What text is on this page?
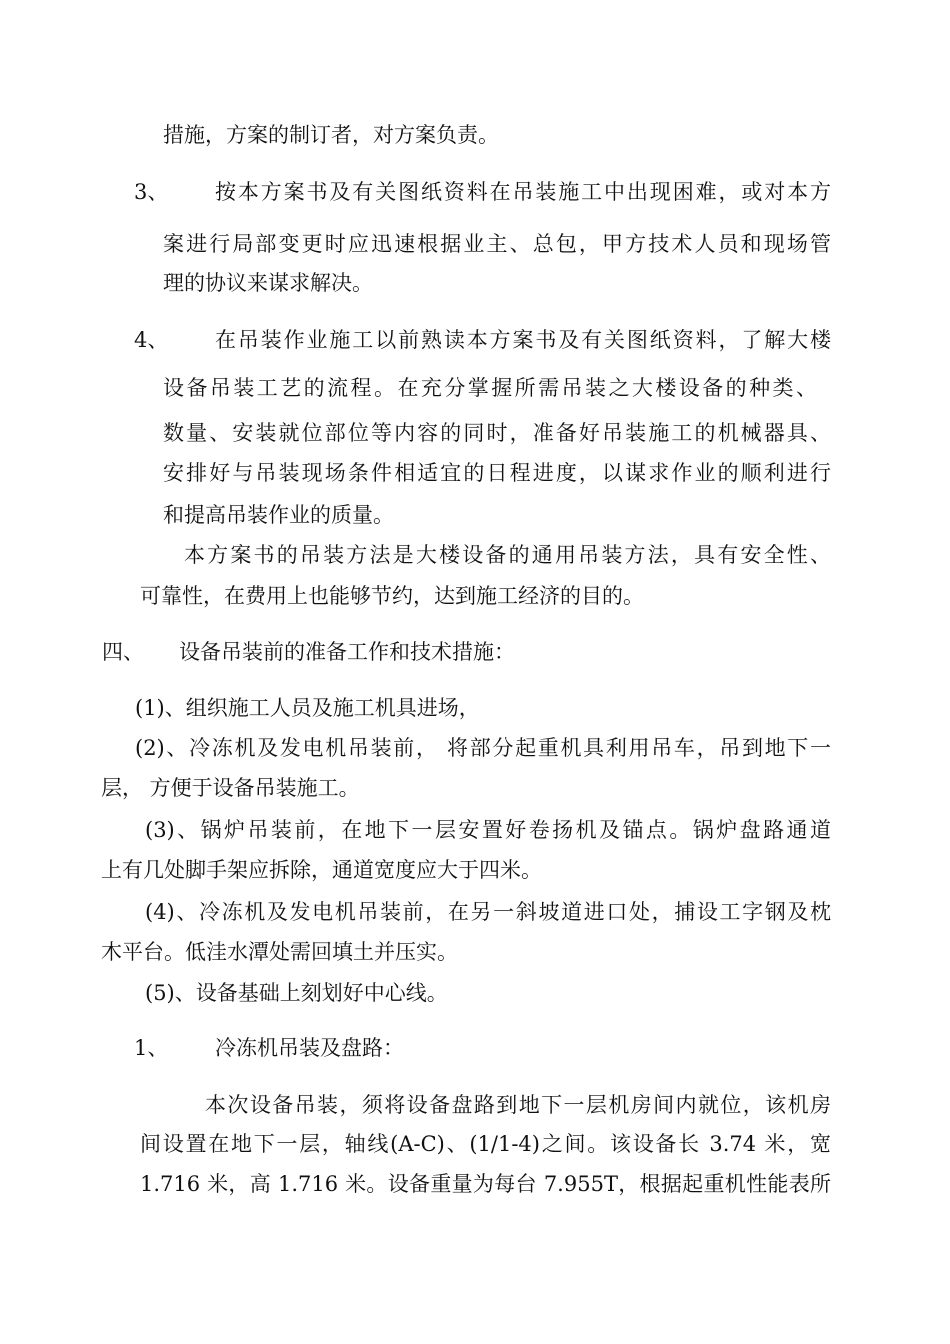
措施，方案的制订者，对方案负责。
3、 按本方案书及有关图纸资料在吊装施工中出现困难，或对本方
案进行局部变更时应迅速根据业主、总包，甲方技术人员和现场管
理的协议来谋求解决。
4、 在吊装作业施工以前熟读本方案书及有关图纸资料，了解大楼
设备吊装工艺的流程。在充分掌握所需吊装之大楼设备的种类、
数量、安装就位部位等内容的同时，准备好吊装施工的机械器具、
安排好与吊装现场条件相适宜的日程进度，以谋求作业的顺利进行
和提高吊装作业的质量。
本方案书的吊装方法是大楼设备的通用吊装方法，具有安全性、
可靠性，在费用上也能够节约，达到施工经济的目的。
四、 设备吊装前的准备工作和技术措施：
(1)、组织施工人员及施工机具进场，
(2)、冷冻机及发电机吊装前， 将部分起重机具利用吊车，吊到地下一
层， 方便于设备吊装施工。
(3)、锅炉吊装前，在地下一层安置好卷扬机及锚点。锅炉盘路通道
上有几处脚手架应拆除，通道宽度应大于四米。
(4)、冷冻机及发电机吊装前，在另一斜坡道进口处，捕设工字钢及枕
木平台。低洼水潭处需回填土并压实。
(5)、设备基础上刻划好中心线。
1、 冷冻机吊装及盘路：
本次设备吊装，须将设备盘路到地下一层机房间内就位，该机房
间设置在地下一层，轴线(A-C)、(1/1-4)之间。该设备长 3.74 米，宽
1.716 米，高 1.716 米。设备重量为每台 7.955T，根据起重机性能表所
